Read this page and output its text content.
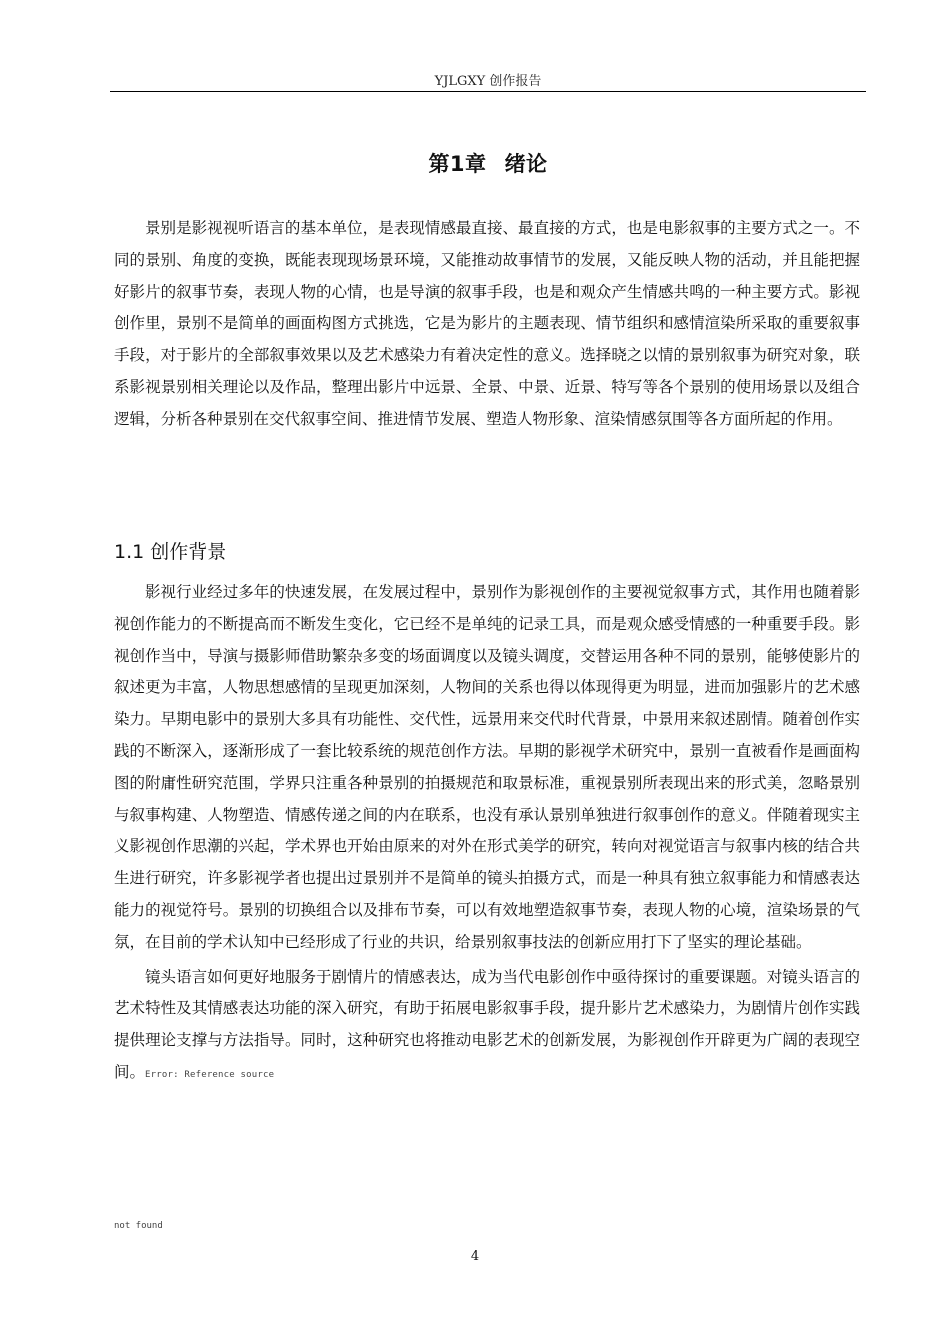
YJLGXY 创作报告
第1章 绪论

景别是影视视听语言的基本单位，是表现情感最直接、最直接的方式，也是电影叙事的主要方式之一。不同的景别、角度的变换，既能表现现场景环境，又能推动故事情节的发展，又能反映人物的活动，并且能把握好影片的叙事节奏，表现人物的心情，也是导演的叙事手段，也是和观众产生情感共鸣的一种主要方式。影视创作里，景别不是简单的画面构图方式挑选，它是为影片的主题表现、情节组织和感情渲染所采取的重要叙事手段，对于影片的全部叙事效果以及艺术感染力有着决定性的意义。选择晓之以情的景别叙事为研究对象，联系影视景别相关理论以及作品，整理出影片中远景、全景、中景、近景、特写等各个景别的使用场景以及组合逻辑，分析各种景别在交代叙事空间、推进情节发展、塑造人物形象、渲染情感氛围等各方面所起的作用。

1.1 创作背景

影视行业经过多年的快速发展，在发展过程中，景别作为影视创作的主要视觉叙事方式，其作用也随着影视创作能力的不断提高而不断发生变化，它已经不是单纯的记录工具，而是观众感受情感的一种重要手段。影视创作当中，导演与摄影师借助繁杂多变的场面调度以及镜头调度，交替运用各种不同的景别，能够使影片的叙述更为丰富，人物思想感情的呈现更加深刻，人物间的关系也得以体现得更为明显，进而加强影片的艺术感染力。早期电影中的景别大多具有功能性、交代性，远景用来交代时代背景，中景用来叙述剧情。随着创作实践的不断深入，逐渐形成了一套比较系统的规范创作方法。早期的影视学术研究中，景别一直被看作是画面构图的附庸性研究范围，学界只注重各种景别的拍摄规范和取景标准，重视景别所表现出来的形式美，忽略景别与叙事构建、人物塑造、情感传递之间的内在联系，也没有承认景别单独进行叙事创作的意义。伴随着现实主义影视创作思潮的兴起，学术界也开始由原来的对外在形式美学的研究，转向对视觉语言与叙事内核的结合共生进行研究，许多影视学者也提出过景别并不是简单的镜头拍摄方式，而是一种具有独立叙事能力和情感表达能力的视觉符号。景别的切换组合以及排布节奏，可以有效地塑造叙事节奏，表现人物的心境，渲染场景的气氛，在目前的学术认知中已经形成了行业的共识，给景别叙事技法的创新应用打下了坚实的理论基础。

镜头语言如何更好地服务于剧情片的情感表达，成为当代电影创作中亟待探讨的重要课题。对镜头语言的艺术特性及其情感表达功能的深入研究，有助于拓展电影叙事手段，提升影片艺术感染力，为剧情片创作实践提供理论支撑与方法指导。同时，这种研究也将推动电影艺术的创新发展，为影视创作开辟更为广阔的表现空间。Error: Reference source

not found
4
